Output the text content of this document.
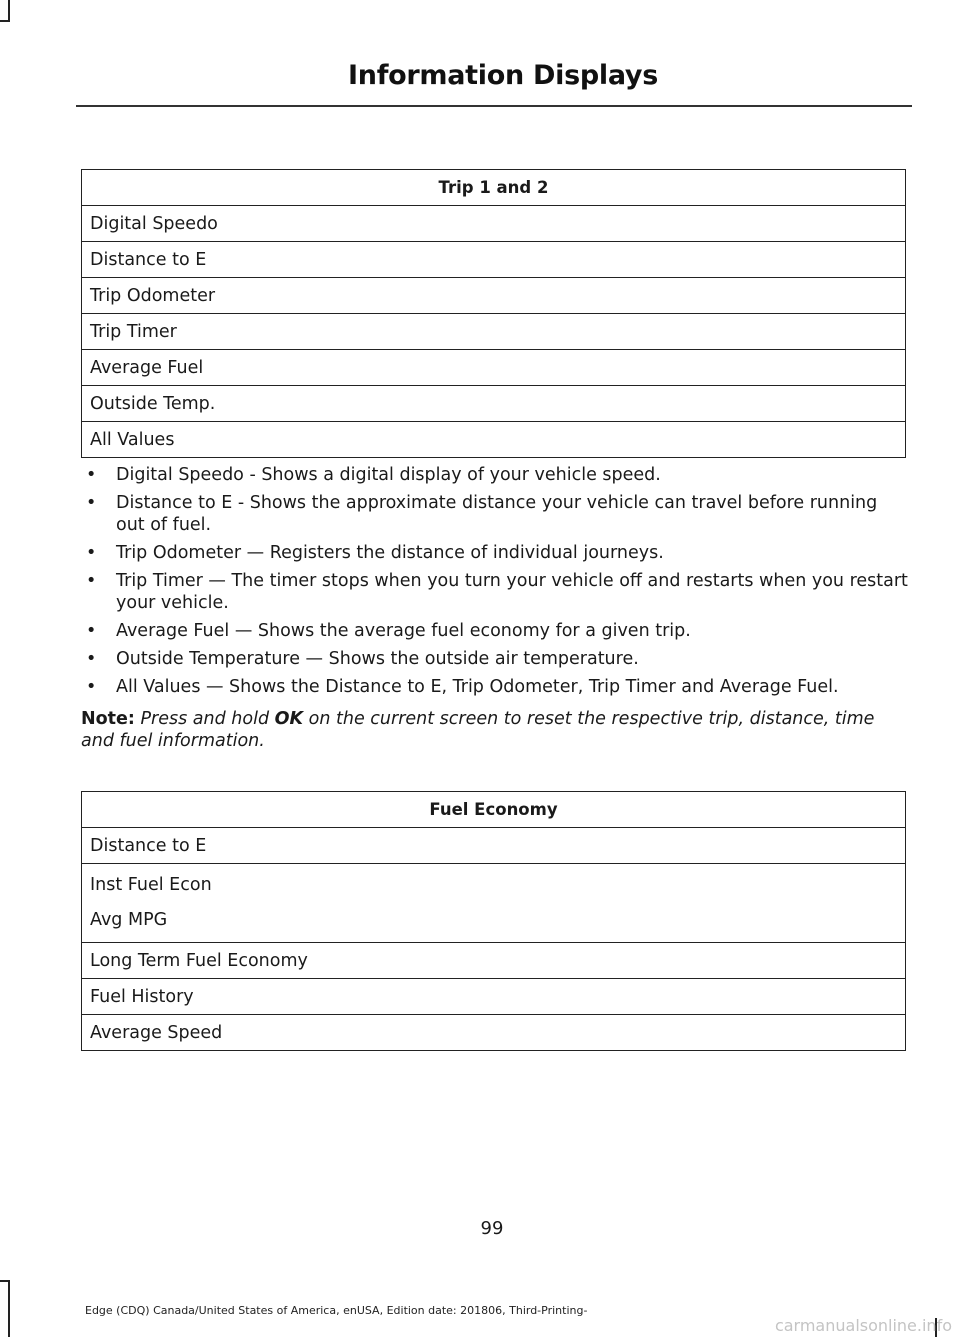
Information Displays
Trip 1 and 2
Digital Speedo
Distance to E
Trip Odometer
Trip Timer
Average Fuel
Outside Temp.
All Values
• Digital Speedo - Shows a digital display of your vehicle speed.
• Distance to E - Shows the approximate distance your vehicle can travel before running out of fuel.
• Trip Odometer — Registers the distance of individual journeys.
• Trip Timer — The timer stops when you turn your vehicle off and restarts when you restart your vehicle.
• Average Fuel — Shows the average fuel economy for a given trip.
• Outside Temperature — Shows the outside air temperature.
• All Values — Shows the Distance to E, Trip Odometer, Trip Timer and Average Fuel.
Note: Press and hold OK on the current screen to reset the respective trip, distance, time and fuel information.
Fuel Economy
Distance to E

Inst Fuel Econ
Avg MPG

Long Term Fuel Economy
Fuel History
Average Speed
99
Edge (CDQ) Canada/United States of America, enUSA, Edition date: 201806, Third-Printing-
carmanualsonline.info
